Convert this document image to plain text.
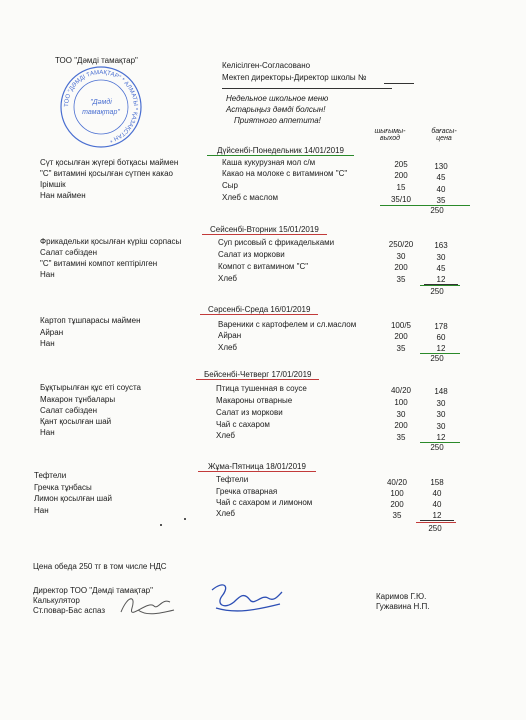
ТОО "ДӘМДІ ТАМАҚТАР" * АЛМАТЫ * ҚАЗАҚСТАН *
"Дәмді
тамақтар"
ТОО "Дәмді тамақтар"
Келісілген-Согласовано
Мектеп директоры-Директор школы №
Недельное школьное меню
Астарыңыз дәмді болсын!
Приятного аппетита!
шығымы-выход
бағасы-цена
Дүйсенбі-Понедельник 14/01/2019
Сүт қосылған жүгері ботқасы маймен
"С" витамині қосылған сүтпен какао
Ірімшік
Нан маймен
Каша кукурузная мол с/м
Какао на молоке с витамином "С"
Сыр
Хлеб с маслом
205
200
15
35/10
130
45
40
35
250
Сейсенбі-Вторник 15/01/2019
Фрикадельки қосылған күріш сорпасы
Салат сәбізден
"С" витамині компот кептірілген
Нан
Суп рисовый с фрикадельками
Салат из моркови
Компот с витамином "С"
Хлеб
250/20
30
200
35
163
30
45
12
250
Сәрсенбі-Среда 16/01/2019
Картоп тұшпарасы маймен
Айран
Нан
Вареники с картофелем и сл.маслом
Айран
Хлеб
100/5
200
35
178
60
12
250
Бейсенбі-Четверг 17/01/2019
Бұқтырылған құс еті соуста
Макарон тұнбалары
Салат сәбізден
Қант қосылған шай
Нан
Птица тушенная в соусе
Макароны отварные
Салат из моркови
Чай с сахаром
Хлеб
40/20
100
30
200
35
148
30
30
30
12
250
Жұма-Пятница 18/01/2019
Тефтели
Гречка тұнбасы
Лимон қосылған шай
Нан
Тефтели
Гречка отварная
Чай с сахаром и лимоном
Хлеб
40/20
100
200
35
158
40
40
12
250
Цена обеда 250 тг в том числе НДС
Директор ТОО "Дәмді тамақтар"
Калькулятор
Ст.повар-Бас аспаз
Каримов Г.Ю.
Гужавина Н.П.
